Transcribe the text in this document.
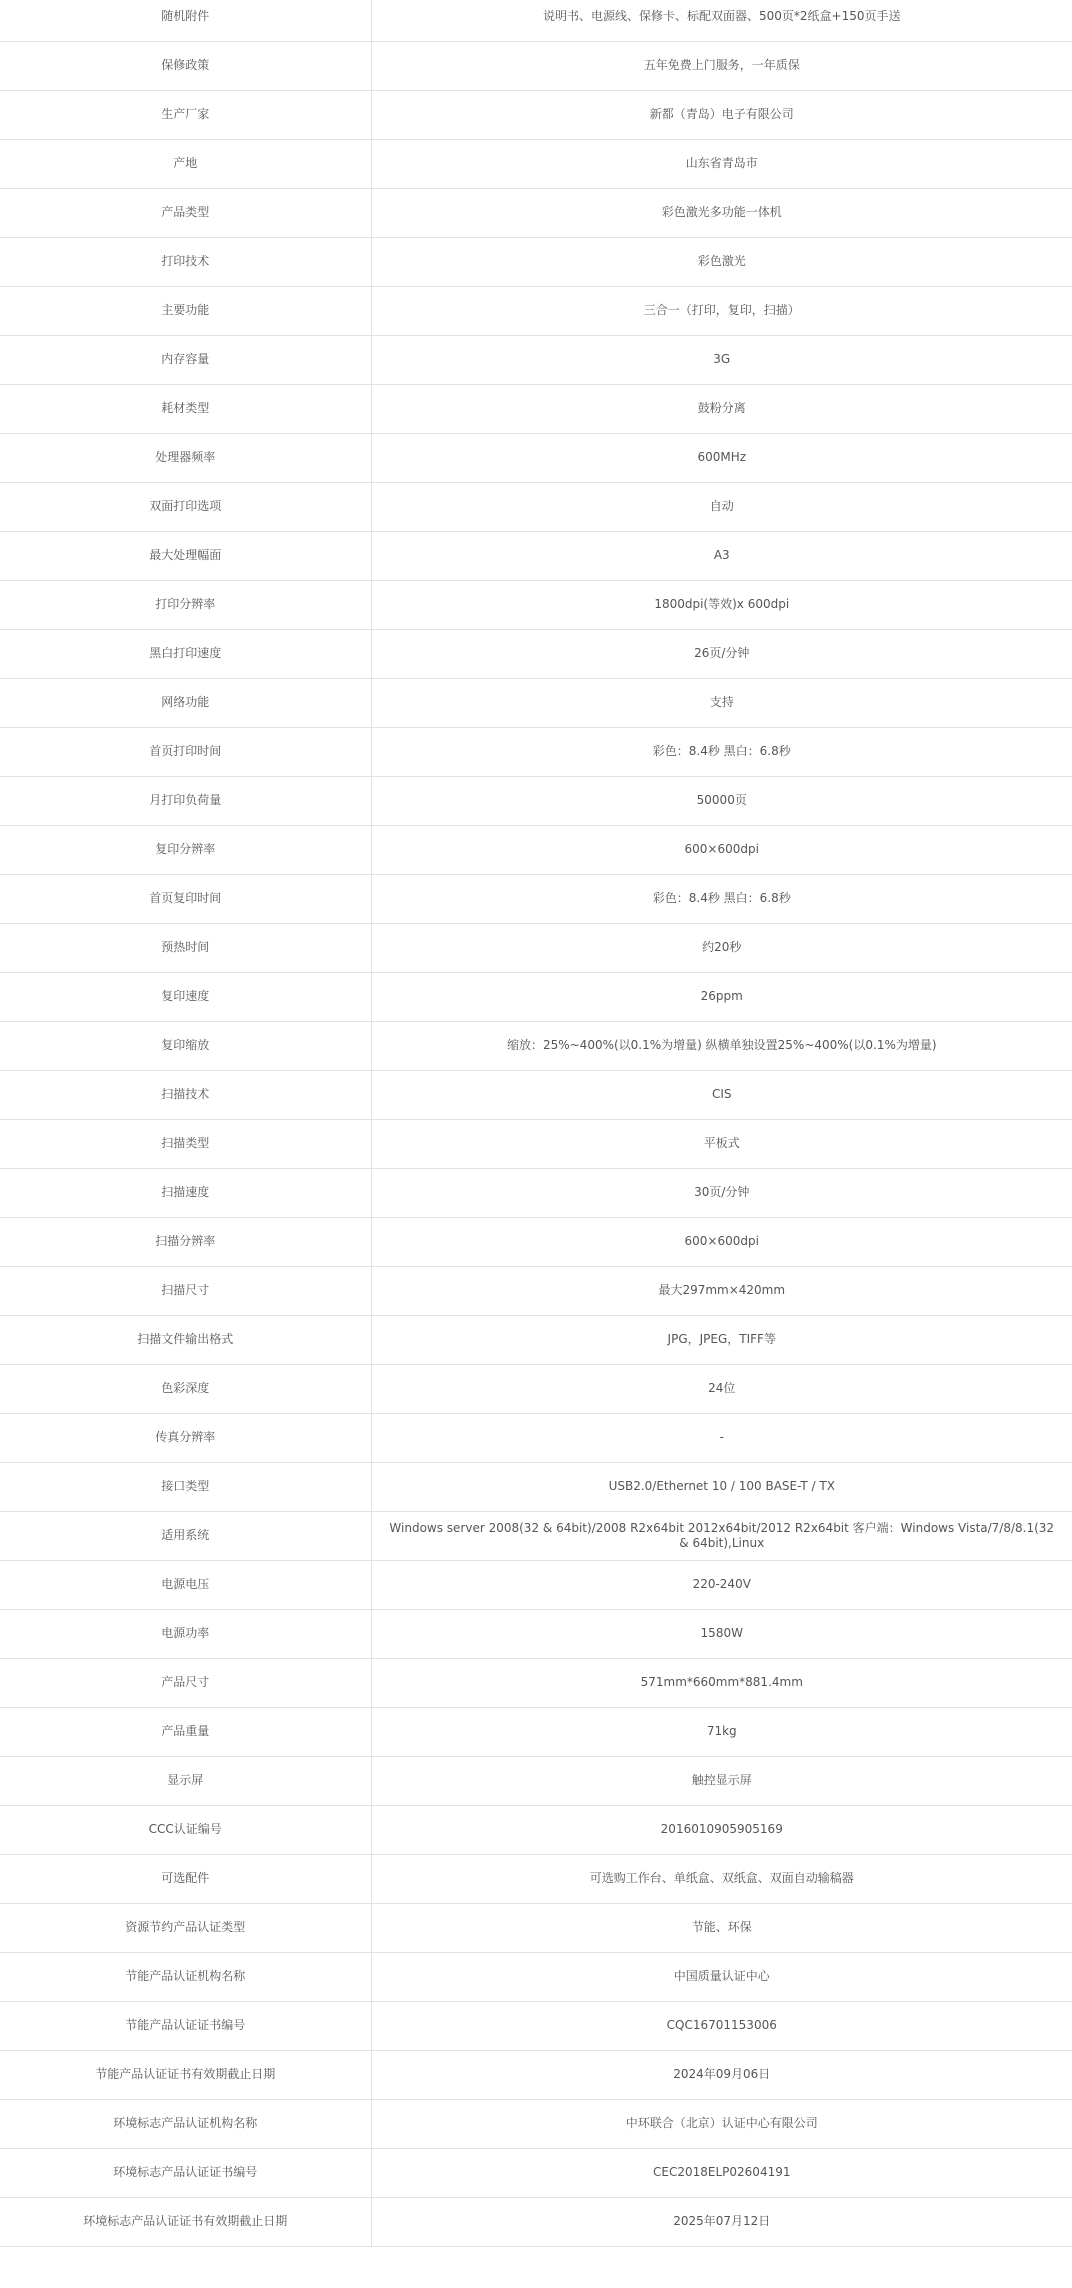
随机附件	说明书、电源线、保修卡、标配双面器、500页*2纸盒+150页手送
保修政策	五年免费上门服务，一年质保
生产厂家	新都（青岛）电子有限公司
产地	山东省青岛市
产品类型	彩色激光多功能一体机
打印技术	彩色激光
主要功能	三合一（打印，复印，扫描）
内存容量	3G
耗材类型	鼓粉分离
处理器频率	600MHz
双面打印选项	自动
最大处理幅面	A3
打印分辨率	1800dpi(等效)x 600dpi
黑白打印速度	26页/分钟
网络功能	支持
首页打印时间	彩色：8.4秒 黑白：6.8秒
月打印负荷量	50000页
复印分辨率	600×600dpi
首页复印时间	彩色：8.4秒 黑白：6.8秒
预热时间	约20秒
复印速度	26ppm
复印缩放	缩放：25%~400%(以0.1%为增量) 纵横单独设置25%~400%(以0.1%为增量)
扫描技术	CIS
扫描类型	平板式
扫描速度	30页/分钟
扫描分辨率	600×600dpi
扫描尺寸	最大297mm×420mm
扫描文件输出格式	JPG，JPEG，TIFF等
色彩深度	24位
传真分辨率	-
接口类型	USB2.0/Ethernet 10 / 100 BASE-T / TX
适用系统	Windows server 2008(32 & 64bit)/2008 R2x64bit 2012x64bit/2012 R2x64bit 客户端：Windows Vista/7/8/8.1(32 & 64bit),Linux
电源电压	220-240V
电源功率	1580W
产品尺寸	571mm*660mm*881.4mm
产品重量	71kg
显示屏	触控显示屏
CCC认证编号	2016010905905169
可选配件	可选购工作台、单纸盒、双纸盒、双面自动输稿器
资源节约产品认证类型	节能、环保
节能产品认证机构名称	中国质量认证中心
节能产品认证证书编号	CQC16701153006
节能产品认证证书有效期截止日期	2024年09月06日
环境标志产品认证机构名称	中环联合（北京）认证中心有限公司
环境标志产品认证证书编号	CEC2018ELP02604191
环境标志产品认证证书有效期截止日期	2025年07月12日
